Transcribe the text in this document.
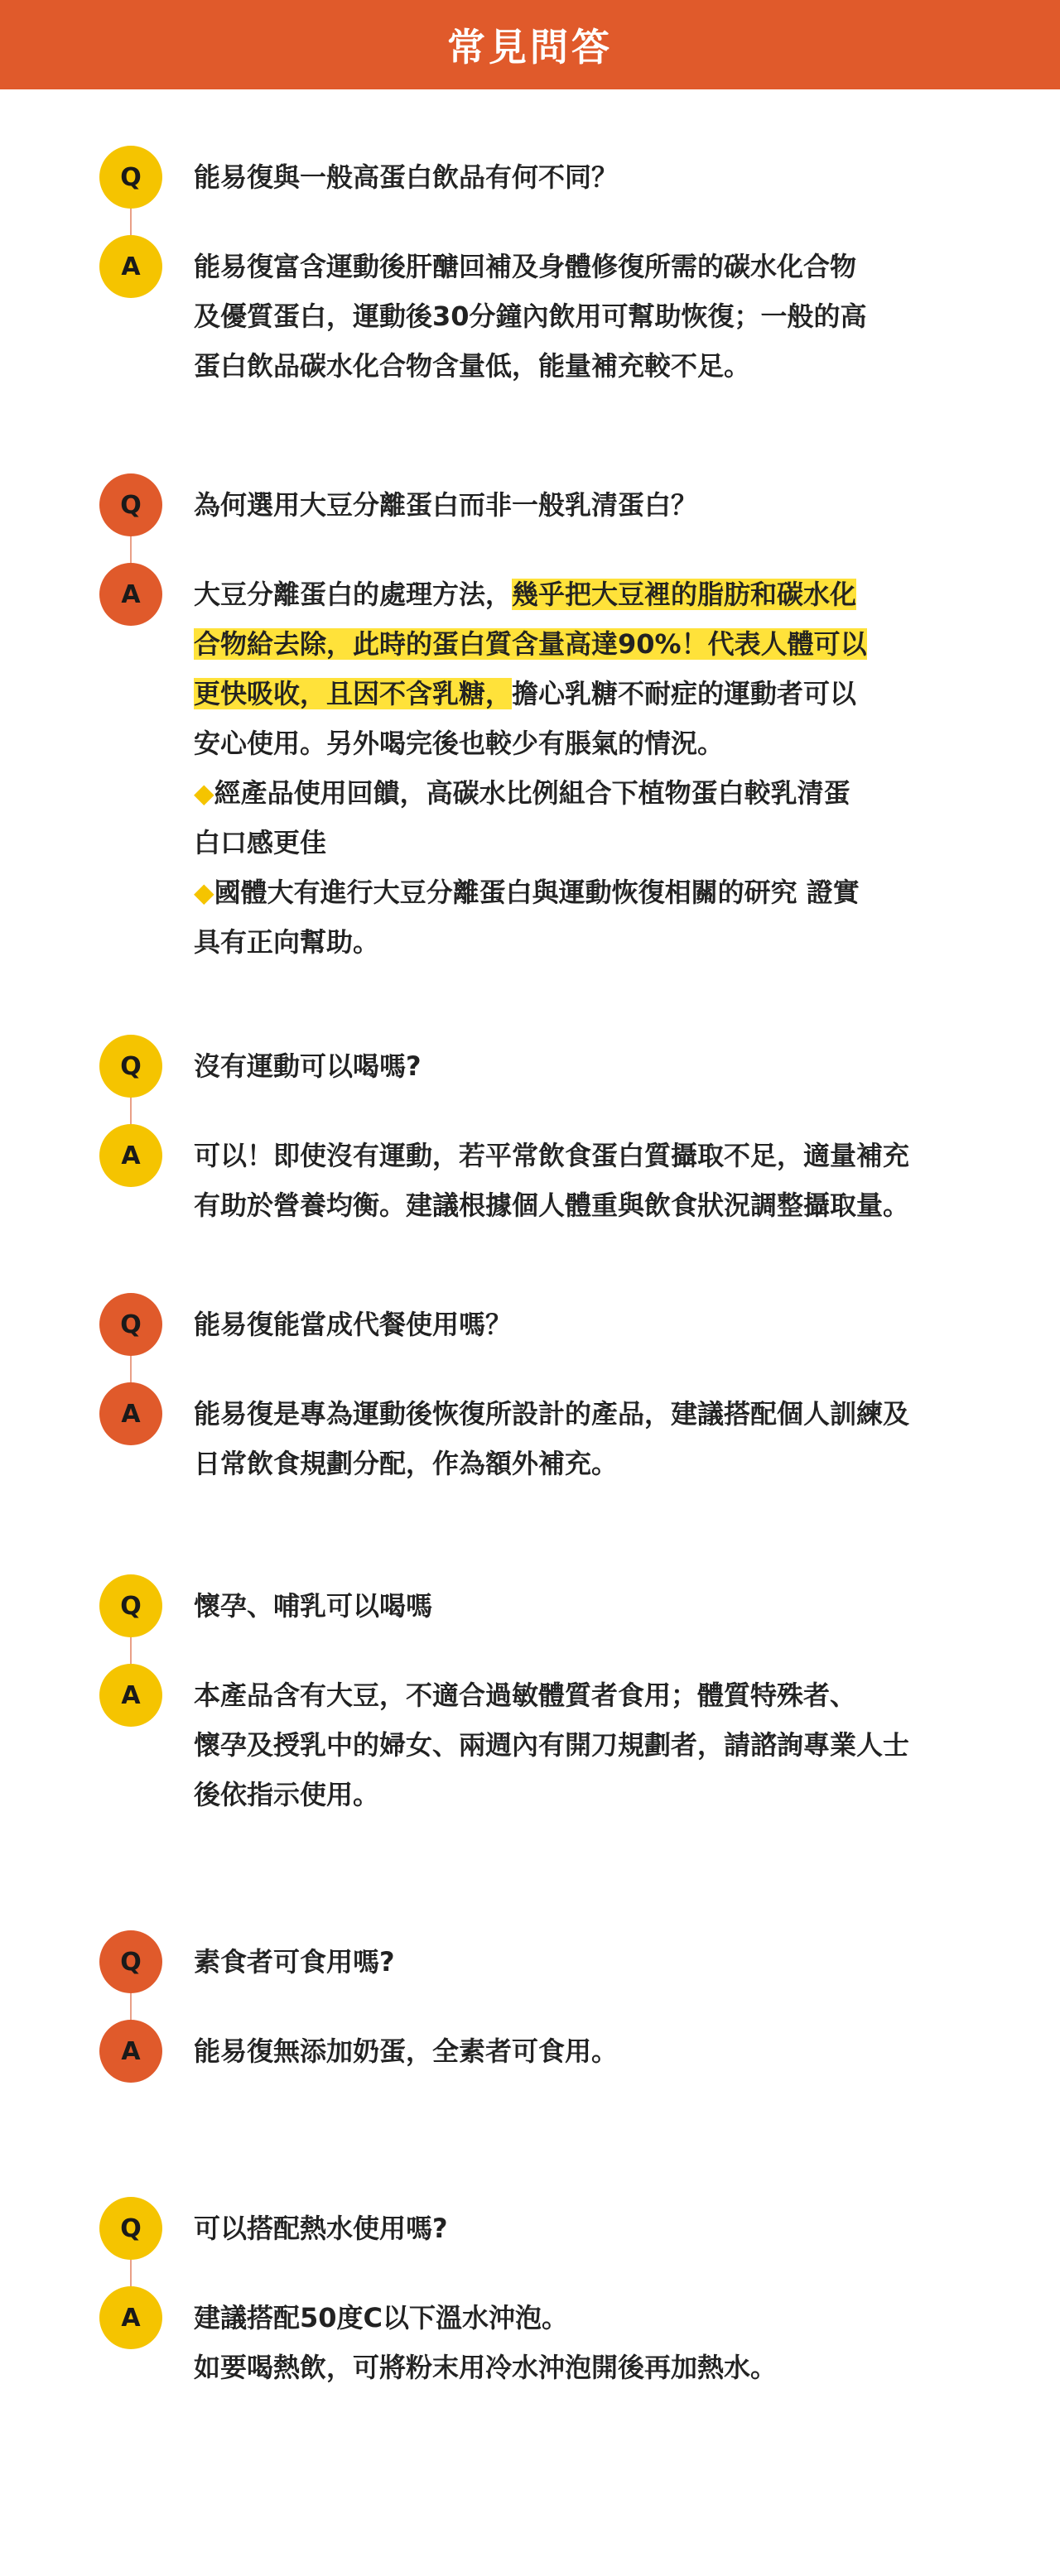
常見問答
Q	能易復與一般高蛋白飲品有何不同？
A	能易復富含運動後肝醣回補及身體修復所需的碳水化合物
及優質蛋白，運動後30分鐘內飲用可幫助恢復；一般的高
蛋白飲品碳水化合物含量低，能量補充較不足。
Q	為何選用大豆分離蛋白而非一般乳清蛋白？
A	大豆分離蛋白的處理方法，幾乎把大豆裡的脂肪和碳水化
合物給去除，此時的蛋白質含量高達90%！代表人體可以
更快吸收，且因不含乳糖，擔心乳糖不耐症的運動者可以
安心使用。另外喝完後也較少有脹氣的情況。
◆經產品使用回饋，高碳水比例組合下植物蛋白較乳清蛋
白口感更佳
◆國體大有進行大豆分離蛋白與運動恢復相關的研究 證實
具有正向幫助。
Q	沒有運動可以喝嗎?
A	可以！即使沒有運動，若平常飲食蛋白質攝取不足，適量補充
有助於營養均衡。建議根據個人體重與飲食狀況調整攝取量。
Q	能易復能當成代餐使用嗎？
A	能易復是專為運動後恢復所設計的產品，建議搭配個人訓練及
日常飲食規劃分配，作為額外補充。
Q	懷孕、哺乳可以喝嗎
A	本產品含有大豆，不適合過敏體質者食用；體質特殊者、
懷孕及授乳中的婦女、兩週內有開刀規劃者，請諮詢專業人士
後依指示使用。
Q	素食者可食用嗎?
A	能易復無添加奶蛋，全素者可食用。
Q	可以搭配熱水使用嗎?
A	建議搭配50度C以下溫水沖泡。
如要喝熱飲，可將粉末用冷水沖泡開後再加熱水。
